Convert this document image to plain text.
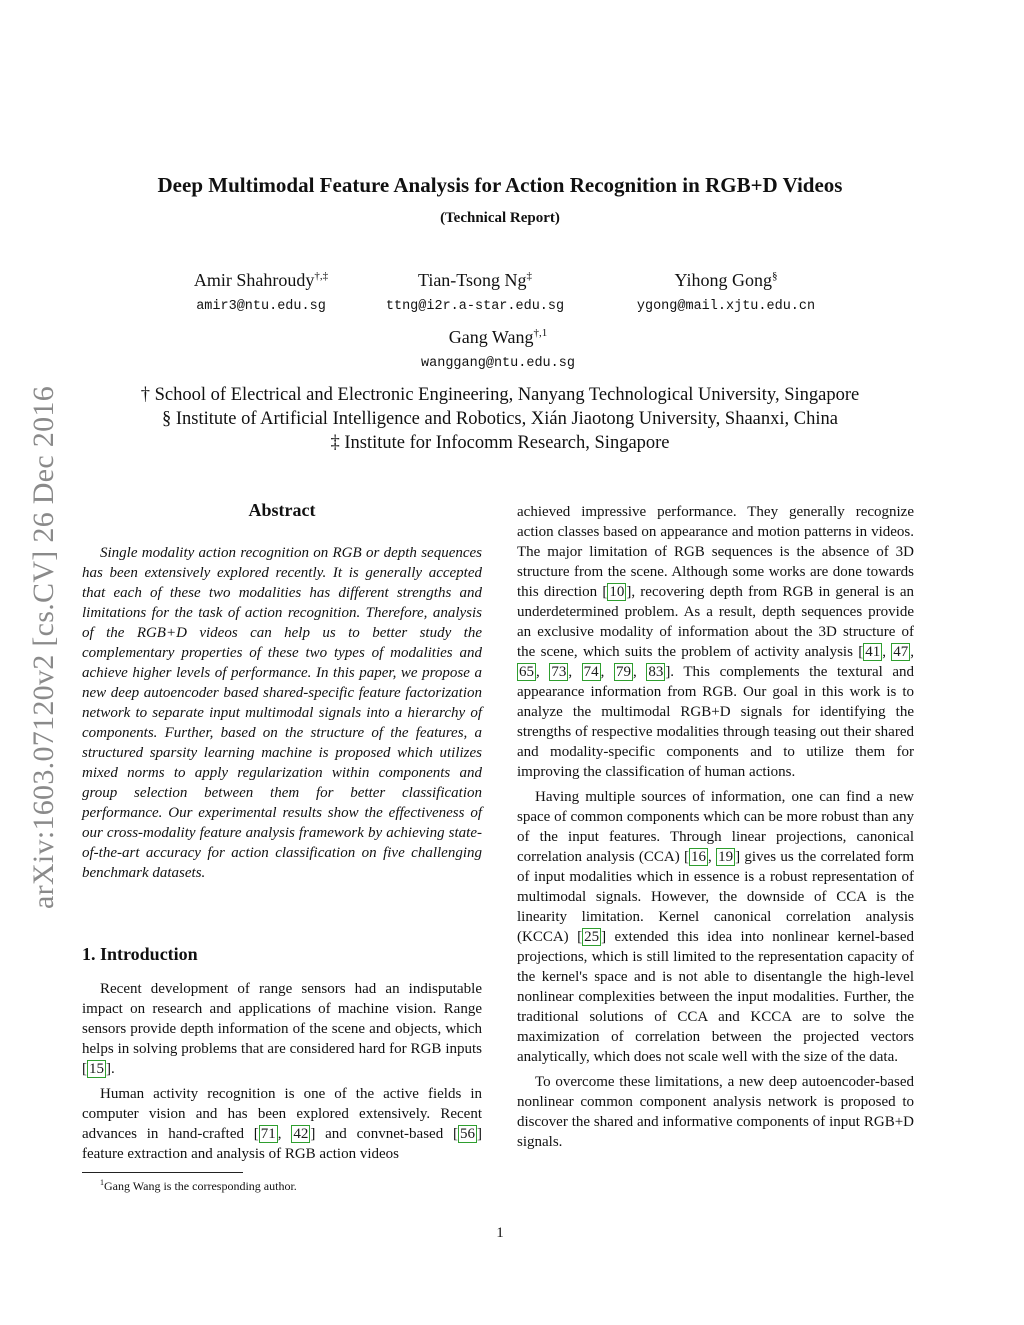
arXiv:1603.07120v2 [cs.CV] 26 Dec 2016
Deep Multimodal Feature Analysis for Action Recognition in RGB+D Videos
(Technical Report)
Amir Shahroudy†,‡
amir3@ntu.edu.sg
Tian-Tsong Ng‡
ttng@i2r.a-star.edu.sg
Yihong Gong§
ygong@mail.xjtu.edu.cn
Gang Wang$^{\dagger,1}$
wanggang@ntu.edu.sg
† School of Electrical and Electronic Engineering, Nanyang Technological University, Singapore
§ Institute of Artificial Intelligence and Robotics, Xián Jiaotong University, Shaanxi, China
‡ Institute for Infocomm Research, Singapore
Abstract

Single modality action recognition on RGB or depth sequences has been extensively explored recently. It is generally accepted that each of these two modalities has different strengths and limitations for the task of action recognition. Therefore, analysis of the RGB+D videos can help us to better study the complementary properties of these two types of modalities and achieve higher levels of performance. In this paper, we propose a new deep autoencoder based shared-specific feature factorization network to separate input multimodal signals into a hierarchy of components. Further, based on the structure of the features, a structured sparsity learning machine is proposed which utilizes mixed norms to apply regularization within components and group selection between them for better classification performance. Our experimental results show the effectiveness of our cross-modality feature analysis framework by achieving state-of-the-art accuracy for action classification on five challenging benchmark datasets.

1. Introduction

Recent development of range sensors had an indisputable impact on research and applications of machine vision. Range sensors provide depth information of the scene and objects, which helps in solving problems that are considered hard for RGB inputs [ 15 ].

Human activity recognition is one of the active fields in computer vision and has been explored extensively. Recent advances in hand-crafted [ 71 , 42 ] and convnet-based [ 56 ] feature extraction and analysis of RGB action videos

achieved impressive performance. They generally recognize action classes based on appearance and motion patterns in videos. The major limitation of RGB sequences is the absence of 3D structure from the scene. Although some works are done towards this direction [ 10 ], recovering depth from RGB in general is an underdetermined problem. As a result, depth sequences provide an exclusive modality of information about the 3D structure of the scene, which suits the problem of activity analysis [ 41 , 47 , 65 , 73 , 74 , 79 , 83 ]. This complements the textural and appearance information from RGB. Our goal in this work is to analyze the multimodal RGB+D signals for identifying the strengths of respective modalities through teasing out their shared and modality-specific components and to utilize them for improving the classification of human actions.

Having multiple sources of information, one can find a new space of common components which can be more robust than any of the input features. Through linear projections, canonical correlation analysis (CCA) [ 16 , 19 ] gives us the correlated form of input modalities which in essence is a robust representation of multimodal signals. However, the downside of CCA is the linearity limitation. Kernel canonical correlation analysis (KCCA) [ 25 ] extended this idea into nonlinear kernel-based projections, which is still limited to the representation capacity of the kernel's space and is not able to disentangle the high-level nonlinear complexities between the input modalities. Further, the traditional solutions of CCA and KCCA are to solve the maximization of correlation between the projected vectors analytically, which does not scale well with the size of the data.

To overcome these limitations, a new deep autoencoder-based nonlinear common component analysis network is proposed to discover the shared and informative components of input RGB+D signals.

$^1$Gang Wang is the corresponding author.
1
